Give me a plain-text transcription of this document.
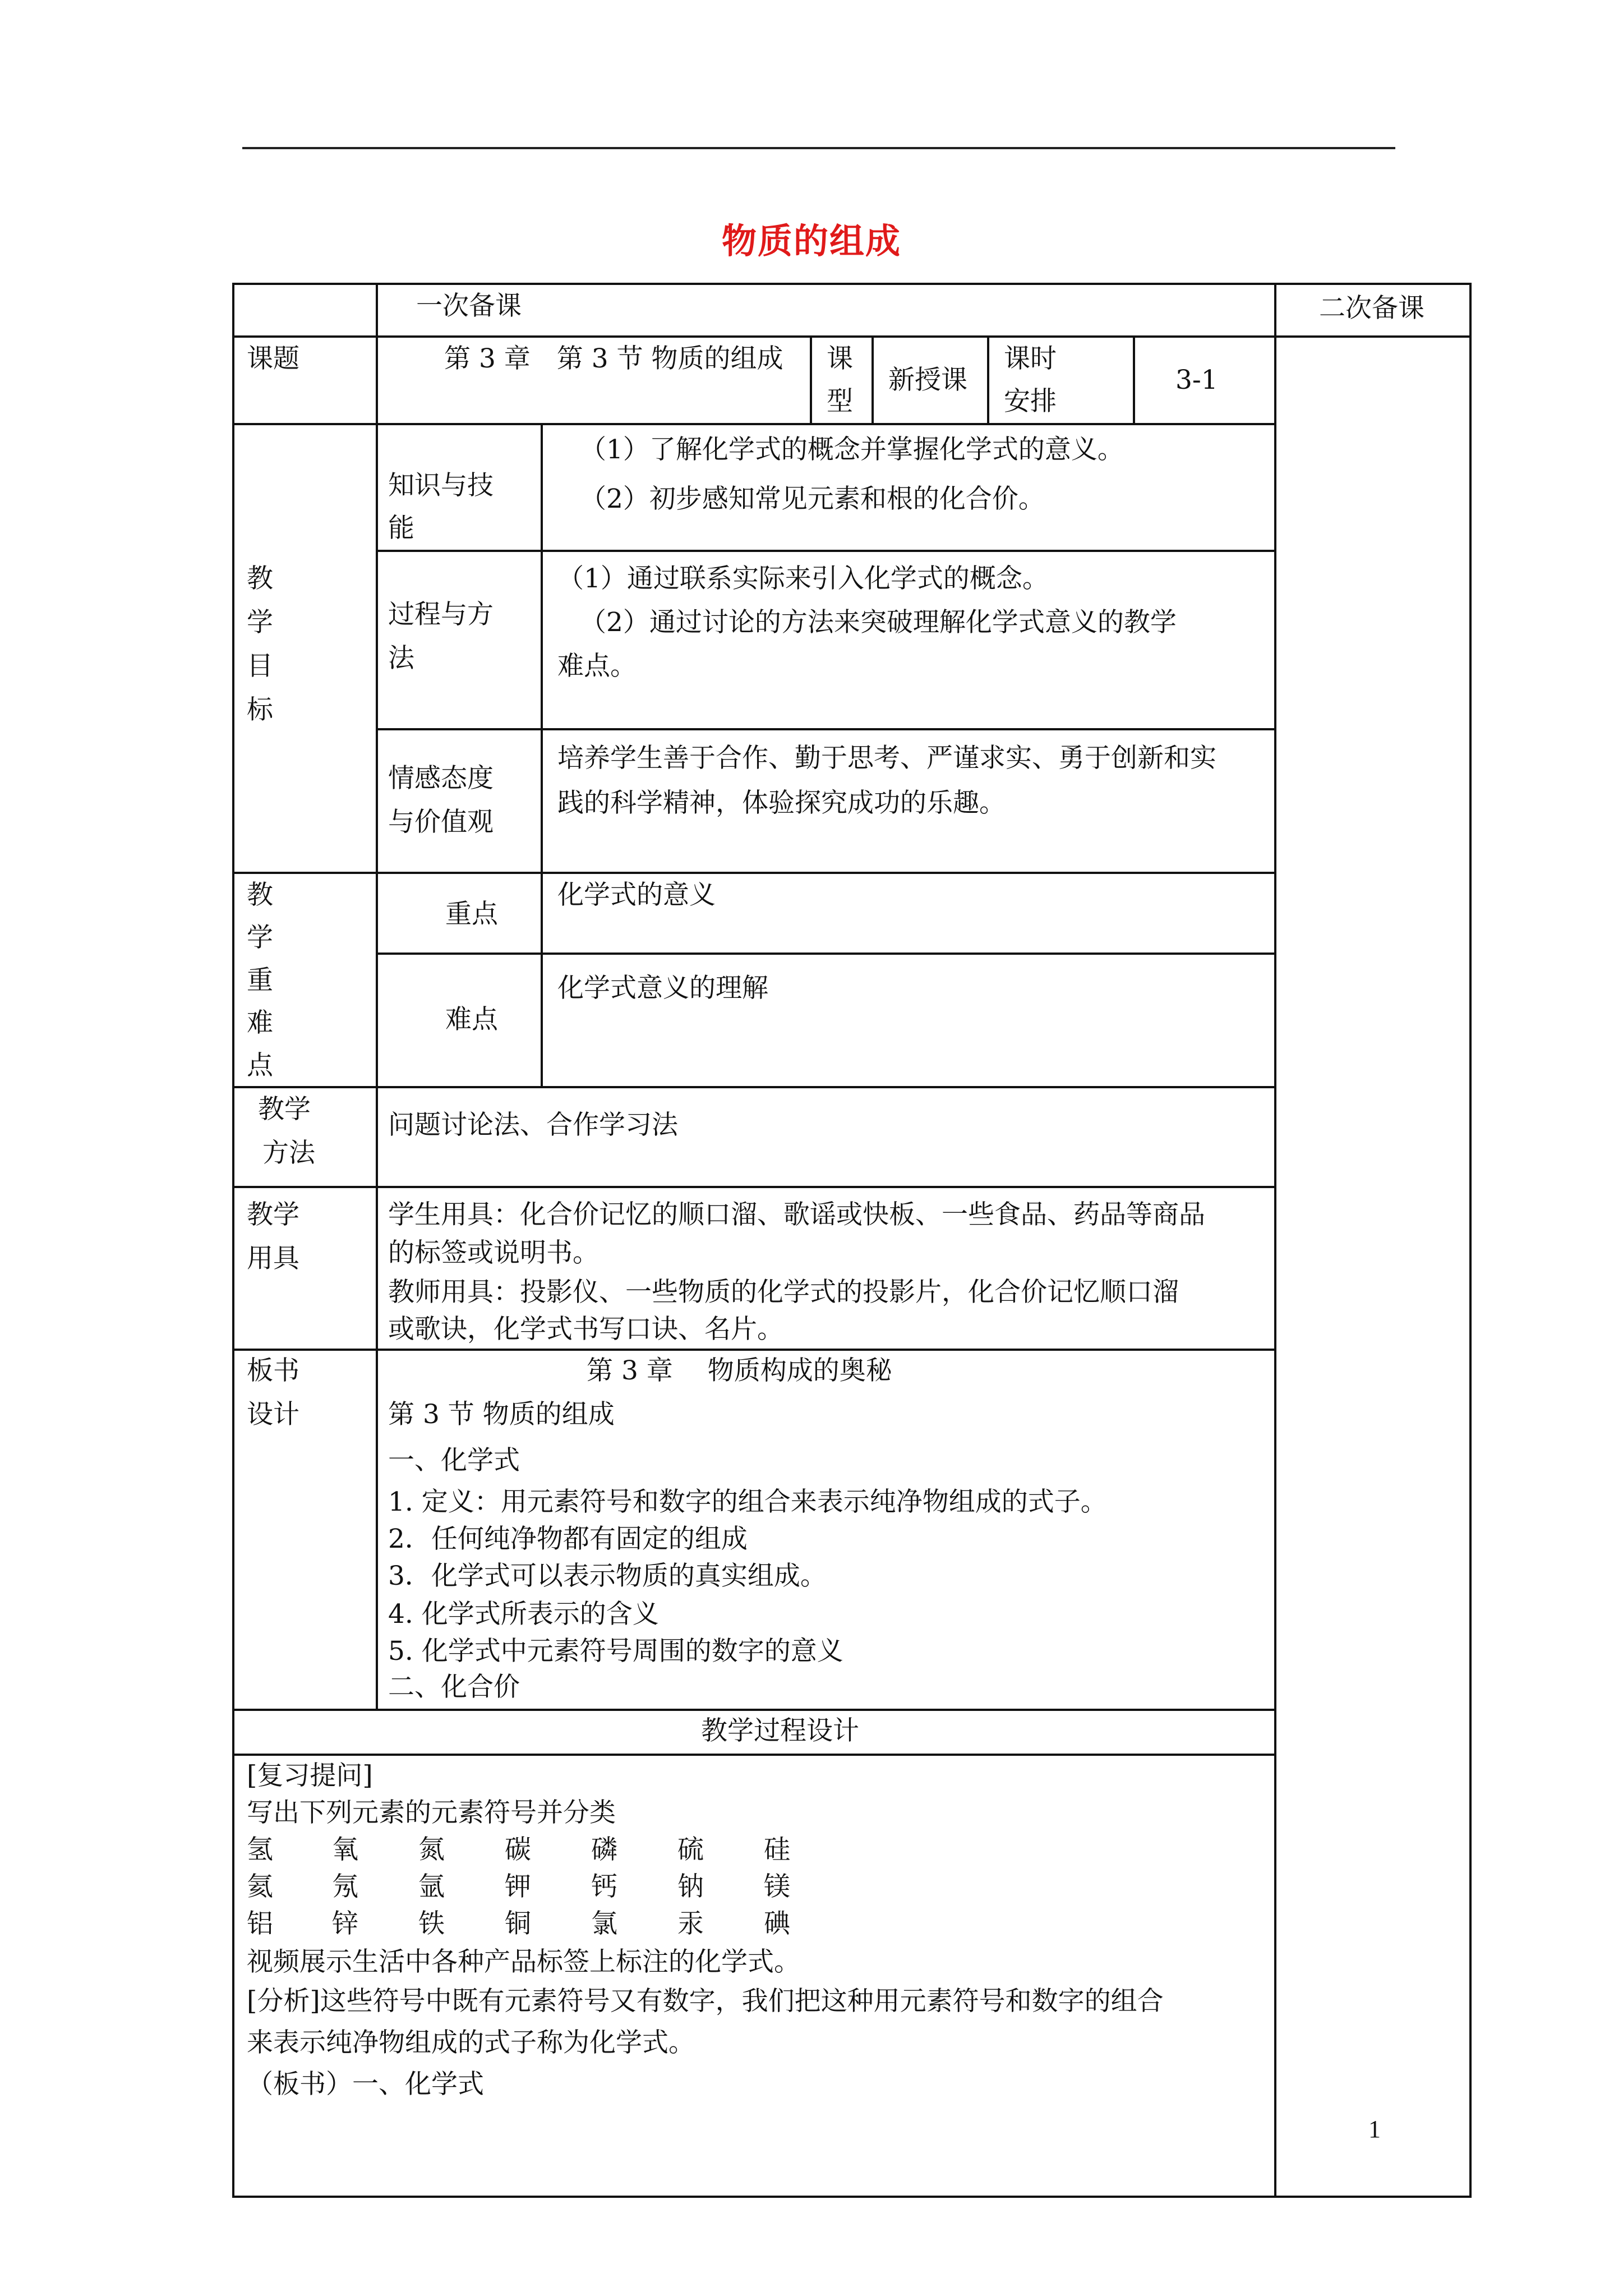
物质的组成
一次备课	二次备课
课题	第 3 章　第 3 节 物质的组成 课
型
新授课
课时
安排
3-1
教
学
目
标
知识与技
能
（1）了解化学式的概念并掌握化学式的意义。
（2）初步感知常见元素和根的化合价。
过程与方
法
（1）通过联系实际来引入化学式的概念。
（2）通过讨论的方法来突破理解化学式意义的教学
难点。
情感态度
与价值观
培养学生善于合作、勤于思考、严谨求实、勇于创新和实
践的科学精神，体验探究成功的乐趣。
教
学
重
难
点
重点
化学式的意义
难点
化学式意义的理解
教学
方法
问题讨论法、合作学习法
教学
用具
学生用具：化合价记忆的顺口溜、歌谣或快板、一些食品、药品等商品
的标签或说明书。
教师用具：投影仪、一些物质的化学式的投影片，化合价记忆顺口溜
或歌诀，化学式书写口诀、名片。
板书
设计
第 3 章　 物质构成的奥秘
第 3 节 物质的组成
一、化学式
1. 定义：用元素符号和数字的组合来表示纯净物组成的式子。
2．任何纯净物都有固定的组成
3．化学式可以表示物质的真实组成。
4. 化学式所表示的含义
5. 化学式中元素符号周围的数字的意义
二、化合价
教学过程设计
[复习提问]
写出下列元素的元素符号并分类
氢 氧 氮 碳 磷 硫 硅
氦 氖 氩 钾 钙 钠 镁
铝 锌 铁 铜 氯 汞 碘
视频展示生活中各种产品标签上标注的化学式。
[分析]这些符号中既有元素符号又有数字，我们把这种用元素符号和数字的组合
来表示纯净物组成的式子称为化学式。
（板书）一、化学式
1
